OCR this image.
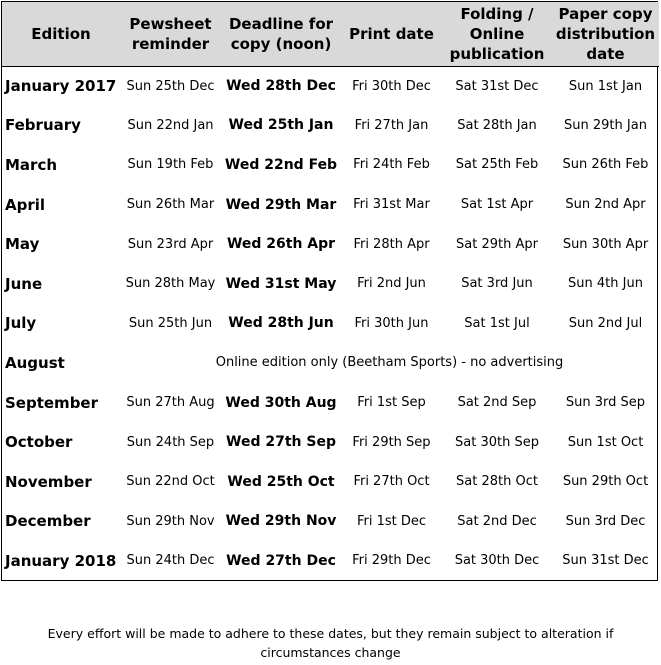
Edition	Pewsheet reminder	Deadline for copy (noon)	Print date	Folding / Online publication	Paper copy distribution date
January 2017	Sun 25th Dec	Wed 28th Dec	Fri 30th Dec	Sat 31st Dec	Sun 1st Jan
February	Sun 22nd Jan	Wed 25th Jan	Fri 27th Jan	Sat 28th Jan	Sun 29th Jan
March	Sun 19th Feb	Wed 22nd Feb	Fri 24th Feb	Sat 25th Feb	Sun 26th Feb
April	Sun 26th Mar	Wed 29th Mar	Fri 31st Mar	Sat 1st Apr	Sun 2nd Apr
May	Sun 23rd Apr	Wed 26th Apr	Fri 28th Apr	Sat 29th Apr	Sun 30th Apr
June	Sun 28th May	Wed 31st May	Fri 2nd Jun	Sat 3rd Jun	Sun 4th Jun
July	Sun 25th Jun	Wed 28th Jun	Fri 30th Jun	Sat 1st Jul	Sun 2nd Jul
August	Online edition only (Beetham Sports) - no advertising				
September	Sun 27th Aug	Wed 30th Aug	Fri 1st Sep	Sat 2nd Sep	Sun 3rd Sep
October	Sun 24th Sep	Wed 27th Sep	Fri 29th Sep	Sat 30th Sep	Sun 1st Oct
November	Sun 22nd Oct	Wed 25th Oct	Fri 27th Oct	Sat 28th Oct	Sun 29th Oct
December	Sun 29th Nov	Wed 29th Nov	Fri 1st Dec	Sat 2nd Dec	Sun 3rd Dec
January 2018	Sun 24th Dec	Wed 27th Dec	Fri 29th Dec	Sat 30th Dec	Sun 31st Dec
Every effort will be made to adhere to these dates, but they remain subject to alteration if
circumstances change
